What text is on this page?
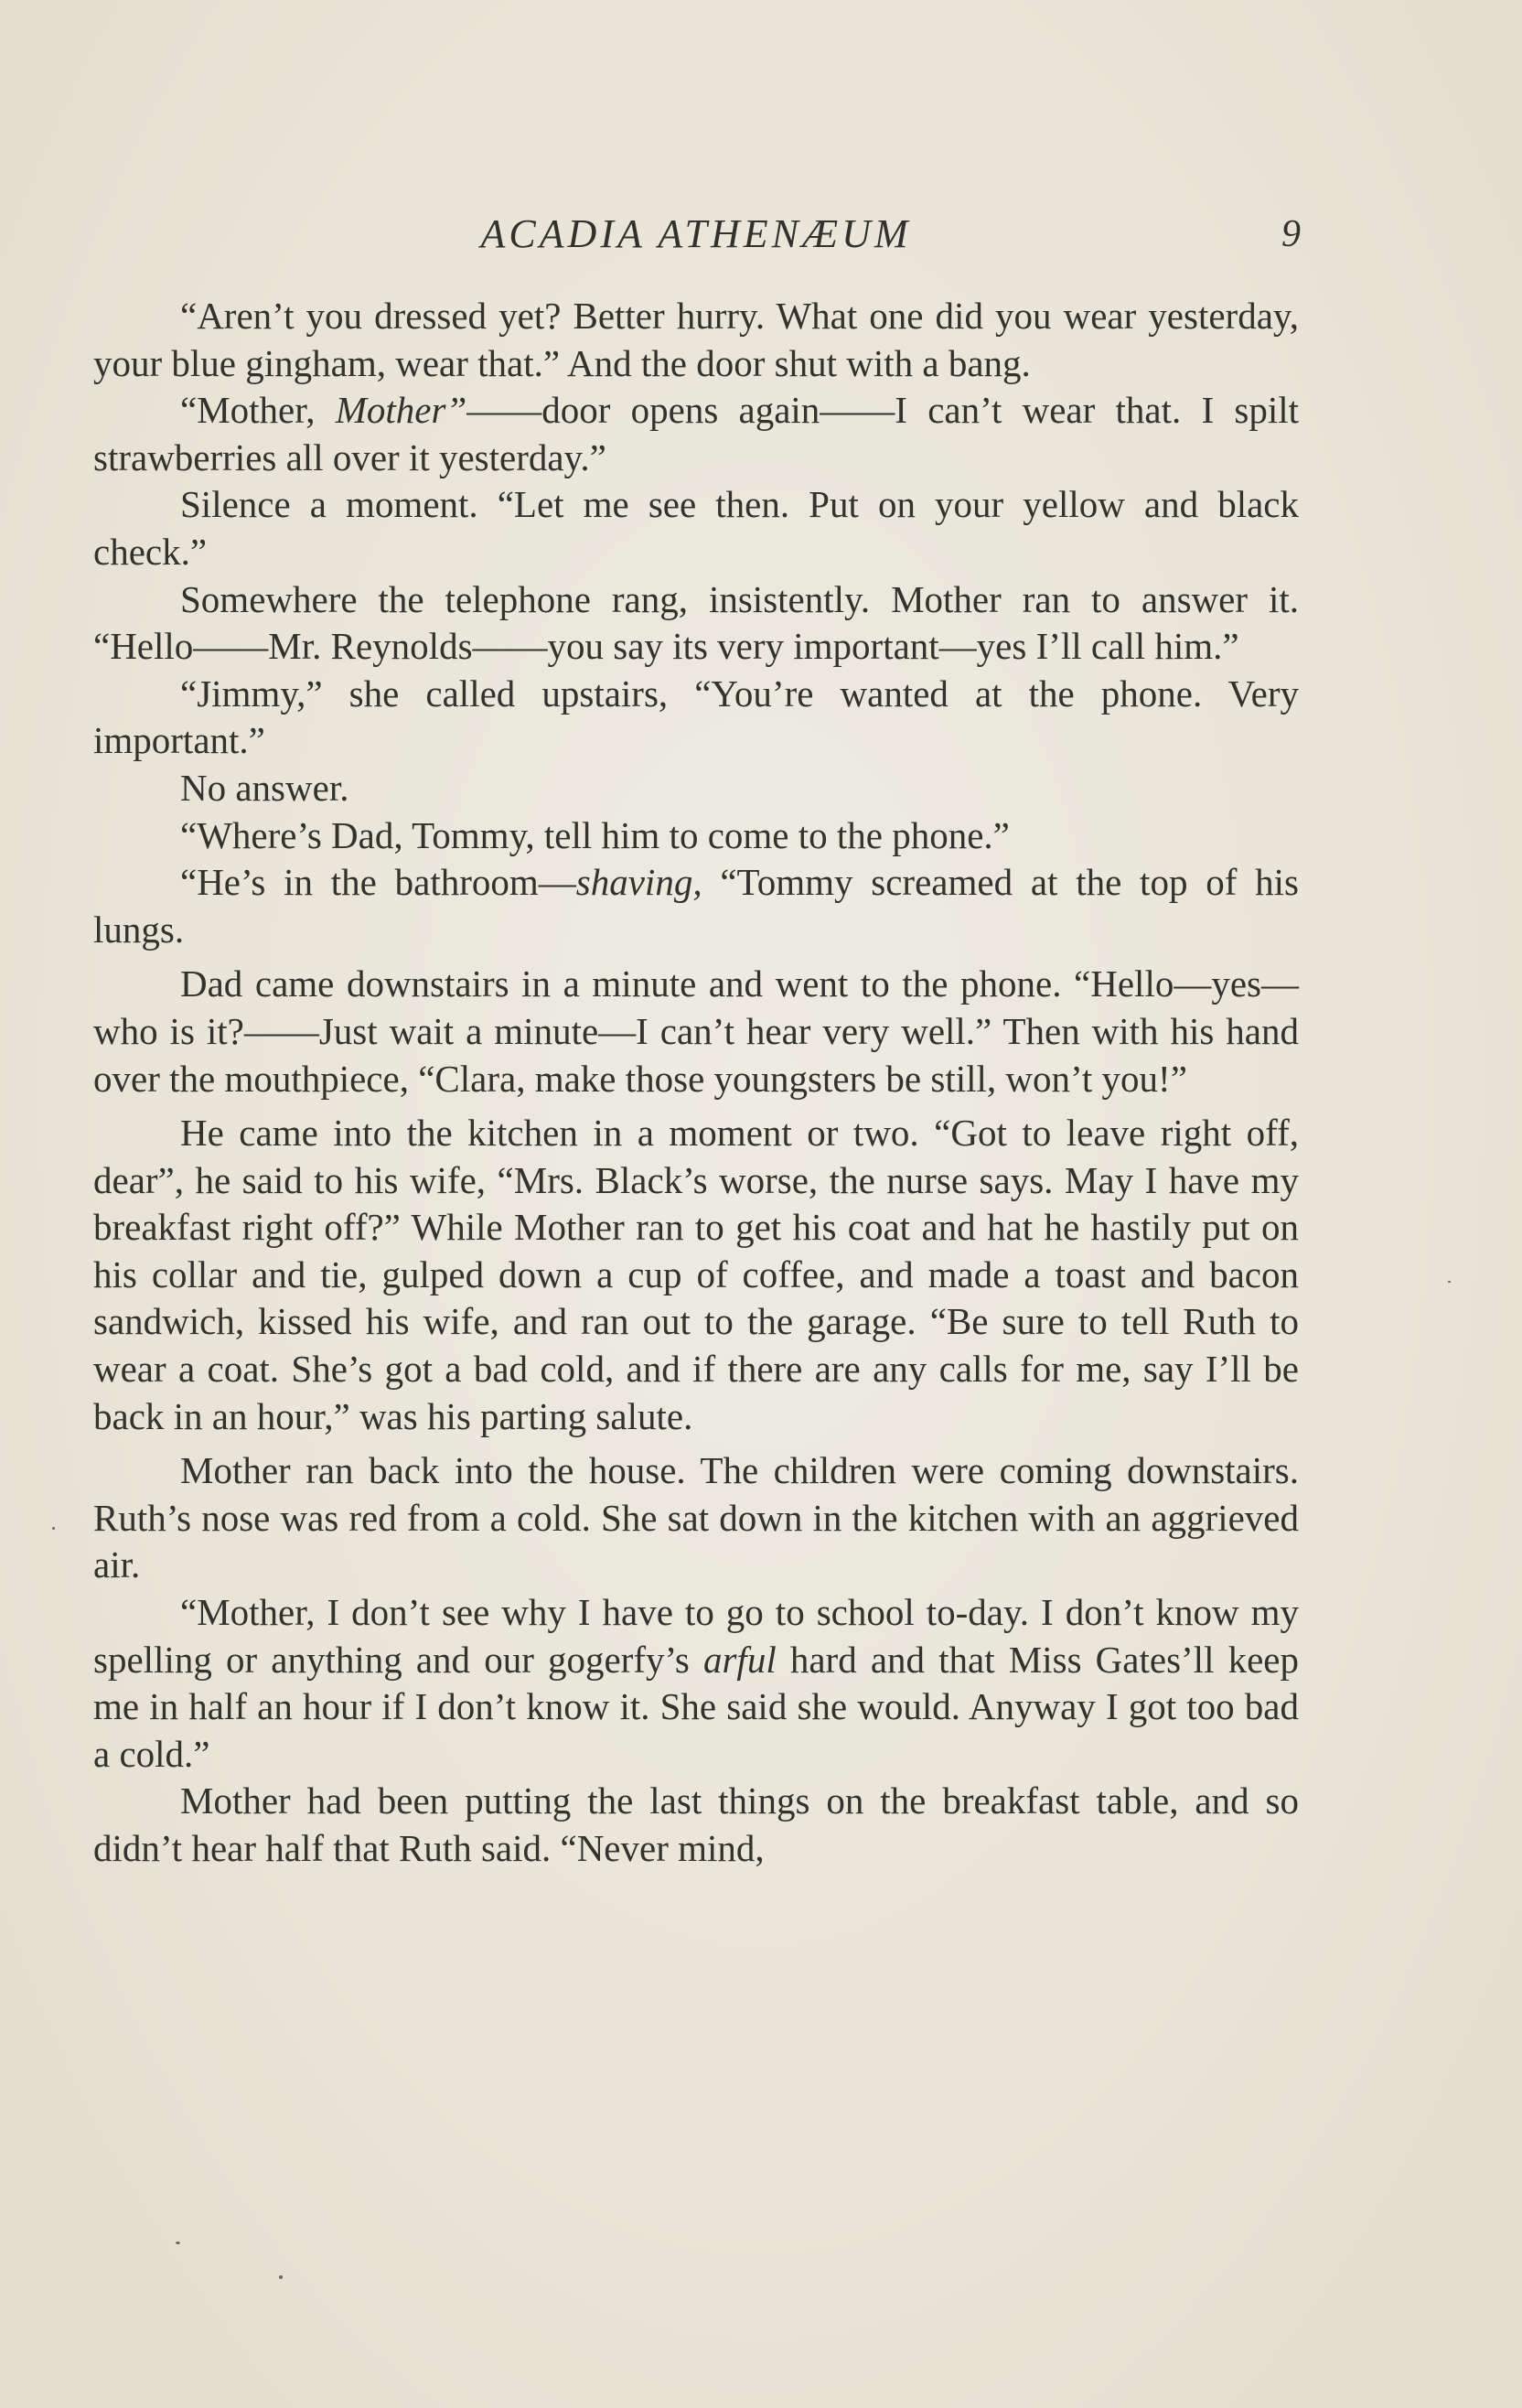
ACADIA ATHENÆUM	9

“Aren’t you dressed yet? Better hurry. What one did you wear yesterday, your blue gingham, wear that.” And the door shut with a bang.

“Mother, Mother”——door opens again——I can’t wear that. I spilt strawberries all over it yesterday.”

Silence a moment. “Let me see then. Put on your yellow and black check.”

Somewhere the telephone rang, insistently. Mother ran to answer it. “Hello——Mr. Reynolds——you say its very important—yes I’ll call him.”

“Jimmy,” she called upstairs, “You’re wanted at the phone. Very important.”

No answer.

“Where’s Dad, Tommy, tell him to come to the phone.”

“He’s in the bathroom—shaving, “Tommy screamed at the top of his lungs.

Dad came downstairs in a minute and went to the phone. “Hello—yes—who is it?——Just wait a minute—I can’t hear very well.” Then with his hand over the mouthpiece, “Clara, make those youngsters be still, won’t you!”

He came into the kitchen in a moment or two. “Got to leave right off, dear”, he said to his wife, “Mrs. Black’s worse, the nurse says. May I have my breakfast right off?” While Mother ran to get his coat and hat he hastily put on his collar and tie, gulped down a cup of coffee, and made a toast and bacon sandwich, kissed his wife, and ran out to the garage. “Be sure to tell Ruth to wear a coat. She’s got a bad cold, and if there are any calls for me, say I’ll be back in an hour,” was his parting salute.

Mother ran back into the house. The children were coming downstairs. Ruth’s nose was red from a cold. She sat down in the kitchen with an aggrieved air.

“Mother, I don’t see why I have to go to school to-day. I don’t know my spelling or anything and our gogerfy’s arful hard and that Miss Gates’ll keep me in half an hour if I don’t know it. She said she would. Anyway I got too bad a cold.”

Mother had been putting the last things on the breakfast table, and so didn’t hear half that Ruth said. “Never mind,
